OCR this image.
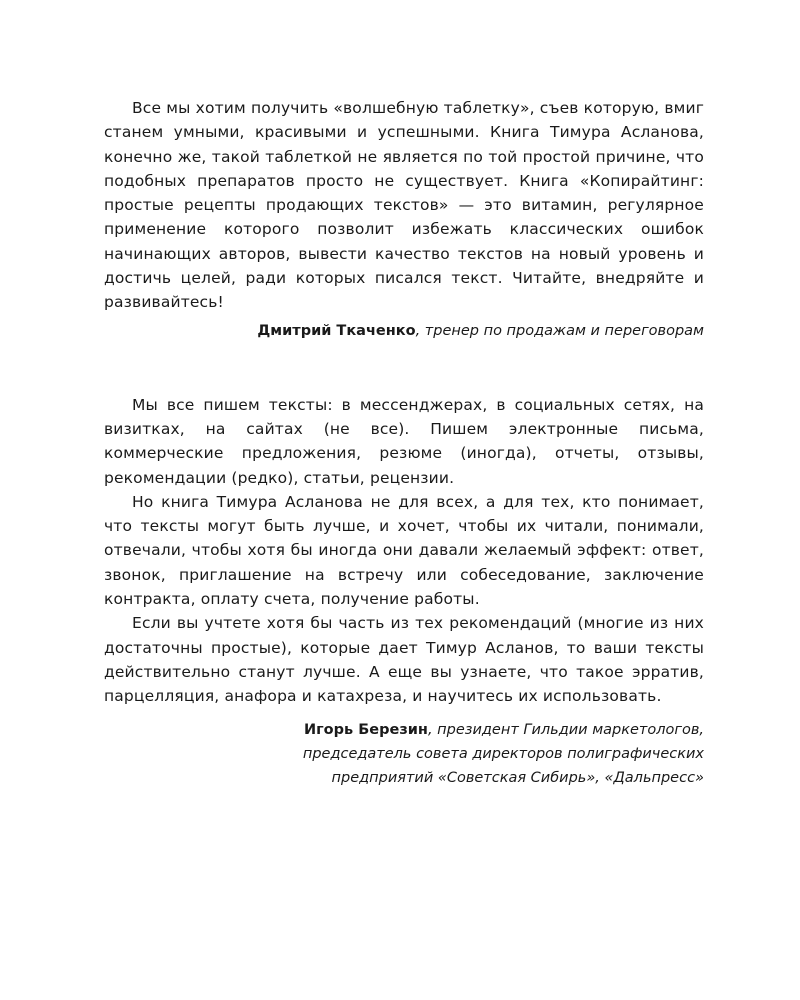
Все мы хотим получить «волшебную таблетку», съев которую, вмиг станем умными, красивыми и успешными. Книга Тимура Асланова, конечно же, такой таблеткой не является по той простой причине, что подобных препаратов просто не существует. Книга «Копирайтинг: простые рецепты продающих текстов» — это витамин, регулярное применение которого позволит избежать классических ошибок начинающих авторов, вывести качество текстов на новый уровень и достичь целей, ради которых писался текст. Читайте, внедряйте и развивайтесь!

Дмитрий Ткаченко, тренер по продажам и переговорам

Мы все пишем тексты: в мессенджерах, в социальных сетях, на визитках, на сайтах (не все). Пишем электронные письма, коммерческие предложения, резюме (иногда), отчеты, отзывы, рекомендации (редко), статьи, рецензии.

Но книга Тимура Асланова не для всех, а для тех, кто понимает, что тексты могут быть лучше, и хочет, чтобы их читали, понимали, отвечали, чтобы хотя бы иногда они давали желаемый эффект: ответ, звонок, приглашение на встречу или собеседование, заключение контракта, оплату счета, получение работы.

Если вы учтете хотя бы часть из тех рекомендаций (многие из них достаточны простые), которые дает Тимур Асланов, то ваши тексты действительно станут лучше. А еще вы узнаете, что такое эрратив, парцелляция, анафора и катахреза, и научитесь их использовать.

Игорь Березин, президент Гильдии маркетологов,
председатель совета директоров полиграфических
предприятий «Советская Сибирь», «Дальпресс»
